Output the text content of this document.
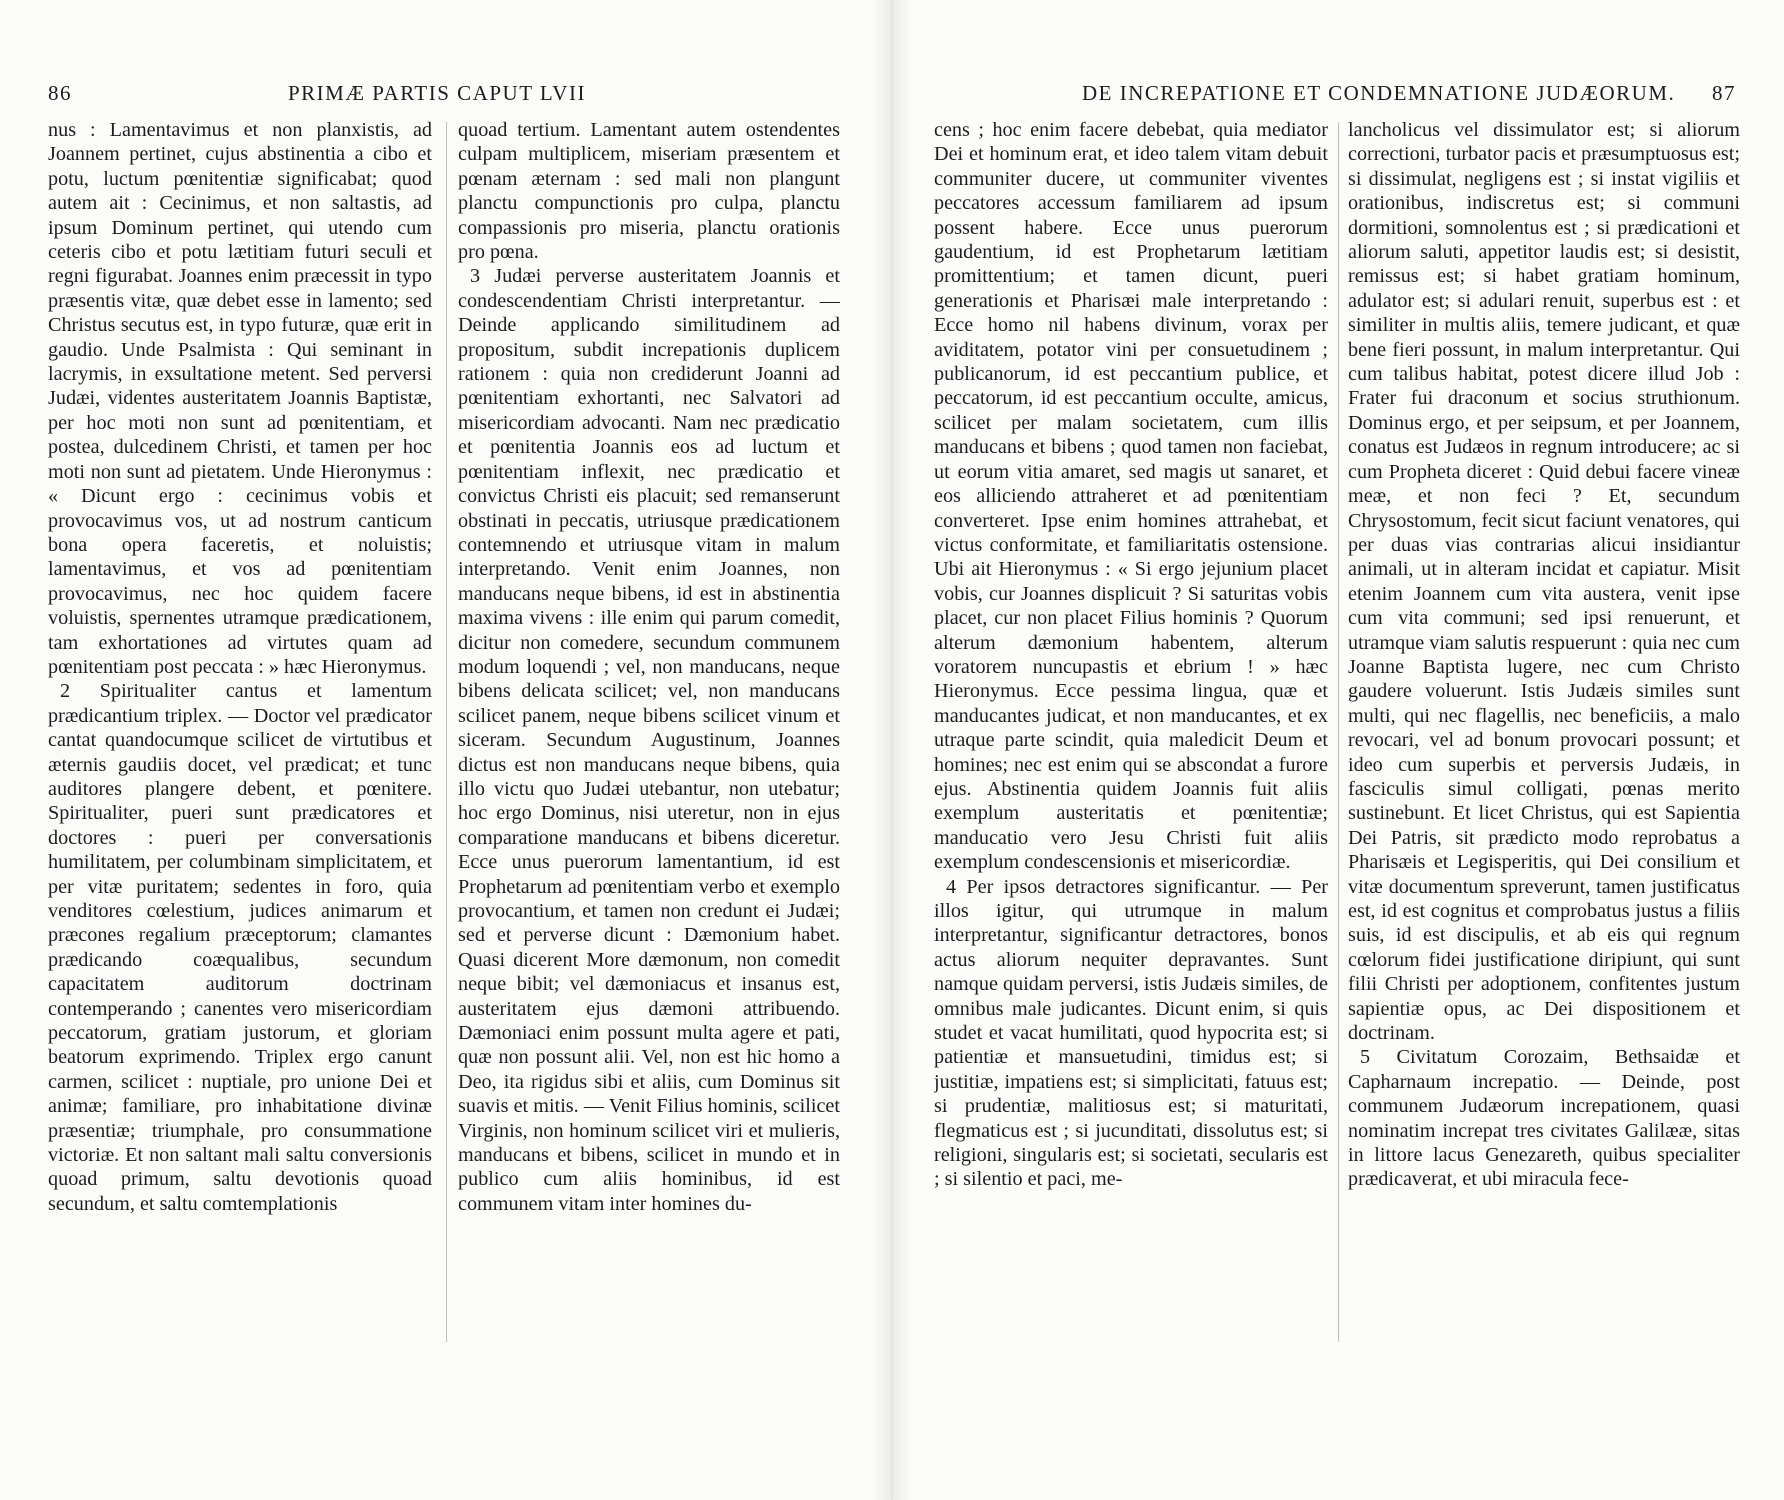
86	PRIMÆ PARTIS CAPUT LVII

nus : Lamentavimus et non planxistis, ad Joannem pertinet, cujus abstinentia a cibo et potu, luctum pœnitentiæ significabat; quod autem ait : Cecinimus, et non saltastis, ad ipsum Dominum pertinet, qui utendo cum ceteris cibo et potu lætitiam futuri seculi et regni figurabat. Joannes enim præcessit in typo præsentis vitæ, quæ debet esse in lamento; sed Christus secutus est, in typo futuræ, quæ erit in gaudio. Unde Psalmista : Qui seminant in lacrymis, in exsultatione metent. Sed perversi Judæi, videntes austeritatem Joannis Baptistæ, per hoc moti non sunt ad pœnitentiam, et postea, dulcedinem Christi, et tamen per hoc moti non sunt ad pietatem. Unde Hieronymus : « Dicunt ergo : cecinimus vobis et provocavimus vos, ut ad nostrum canticum bona opera faceretis, et noluistis; lamentavimus, et vos ad pœnitentiam provocavimus, nec hoc quidem facere voluistis, spernentes utramque prædicationem, tam exhortationes ad virtutes quam ad pœnitentiam post peccata : » hæc Hieronymus.

2 Spiritualiter cantus et lamentum prædicantium triplex. — Doctor vel prædicator cantat quandocumque scilicet de virtutibus et æternis gaudiis docet, vel prædicat; et tunc auditores plangere debent, et pœnitere. Spiritualiter, pueri sunt prædicatores et doctores : pueri per conversationis humilitatem, per columbinam simplicitatem, et per vitæ puritatem; sedentes in foro, quia venditores cœlestium, judices animarum et præcones regalium præceptorum; clamantes prædicando coæqualibus, secundum capacitatem auditorum doctrinam contemperando ; canentes vero misericordiam peccatorum, gratiam justorum, et gloriam beatorum exprimendo. Triplex ergo canunt carmen, scilicet : nuptiale, pro unione Dei et animæ; familiare, pro inhabitatione divinæ præsentiæ; triumphale, pro consummatione victoriæ. Et non saltant mali saltu conversionis quoad primum, saltu devotionis quoad secundum, et saltu comtemplationis

quoad tertium. Lamentant autem ostendentes culpam multiplicem, miseriam præsentem et pœnam æternam : sed mali non plangunt planctu compunctionis pro culpa, planctu compassionis pro miseria, planctu orationis pro pœna.

3 Judæi perverse austeritatem Joannis et condescendentiam Christi interpretantur. — Deinde applicando similitudinem ad propositum, subdit increpationis duplicem rationem : quia non crediderunt Joanni ad pœnitentiam exhortanti, nec Salvatori ad misericordiam advocanti. Nam nec prædicatio et pœnitentia Joannis eos ad luctum et pœnitentiam inflexit, nec prædicatio et convictus Christi eis placuit; sed remanserunt obstinati in peccatis, utriusque prædicationem contemnendo et utriusque vitam in malum interpretando. Venit enim Joannes, non manducans neque bibens, id est in abstinentia maxima vivens : ille enim qui parum comedit, dicitur non comedere, secundum communem modum loquendi ; vel, non manducans, neque bibens delicata scilicet; vel, non manducans scilicet panem, neque bibens scilicet vinum et siceram. Secundum Augustinum, Joannes dictus est non manducans neque bibens, quia illo victu quo Judæi utebantur, non utebatur; hoc ergo Dominus, nisi uteretur, non in ejus comparatione manducans et bibens diceretur. Ecce unus puerorum lamentantium, id est Prophetarum ad pœnitentiam verbo et exemplo provocantium, et tamen non credunt ei Judæi; sed et perverse dicunt : Dæmonium habet. Quasi dicerent More dæmonum, non comedit neque bibit; vel dæmoniacus et insanus est, austeritatem ejus dæmoni attribuendo. Dæmoniaci enim possunt multa agere et pati, quæ non possunt alii. Vel, non est hic homo a Deo, ita rigidus sibi et aliis, cum Dominus sit suavis et mitis. — Venit Filius hominis, scilicet Virginis, non hominum scilicet viri et mulieris, manducans et bibens, scilicet in mundo et in publico cum aliis hominibus, id est communem vitam inter homines du-

DE INCREPATIONE ET CONDEMNATIONE JUDÆORUM. 87

cens ; hoc enim facere debebat, quia mediator Dei et hominum erat, et ideo talem vitam debuit communiter ducere, ut communiter viventes peccatores accessum familiarem ad ipsum possent habere. Ecce unus puerorum gaudentium, id est Prophetarum lætitiam promittentium; et tamen dicunt, pueri generationis et Pharisæi male interpretando : Ecce homo nil habens divinum, vorax per aviditatem, potator vini per consuetudinem ; publicanorum, id est peccantium publice, et peccatorum, id est peccantium occulte, amicus, scilicet per malam societatem, cum illis manducans et bibens ; quod tamen non faciebat, ut eorum vitia amaret, sed magis ut sanaret, et eos alliciendo attraheret et ad pœnitentiam converteret. Ipse enim homines attrahebat, et victus conformitate, et familiaritatis ostensione. Ubi ait Hieronymus : « Si ergo jejunium placet vobis, cur Joannes displicuit ? Si saturitas vobis placet, cur non placet Filius hominis ? Quorum alterum dæmonium habentem, alterum voratorem nuncupastis et ebrium ! » hæc Hieronymus. Ecce pessima lingua, quæ et manducantes judicat, et non manducantes, et ex utraque parte scindit, quia maledicit Deum et homines; nec est enim qui se abscondat a furore ejus. Abstinentia quidem Joannis fuit aliis exemplum austeritatis et pœnitentiæ; manducatio vero Jesu Christi fuit aliis exemplum condescensionis et misericordiæ.

4 Per ipsos detractores significantur. — Per illos igitur, qui utrumque in malum interpretantur, significantur detractores, bonos actus aliorum nequiter depravantes. Sunt namque quidam perversi, istis Judæis similes, de omnibus male judicantes. Dicunt enim, si quis studet et vacat humilitati, quod hypocrita est; si patientiæ et mansuetudini, timidus est; si justitiæ, impatiens est; si simplicitati, fatuus est; si prudentiæ, malitiosus est; si maturitati, flegmaticus est ; si jucunditati, dissolutus est; si religioni, singularis est; si societati, secularis est ; si silentio et paci, me-

lancholicus vel dissimulator est; si aliorum correctioni, turbator pacis et præsumptuosus est; si dissimulat, negligens est ; si instat vigiliis et orationibus, indiscretus est; si communi dormitioni, somnolentus est ; si prædicationi et aliorum saluti, appetitor laudis est; si desistit, remissus est; si habet gratiam hominum, adulator est; si adulari renuit, superbus est : et similiter in multis aliis, temere judicant, et quæ bene fieri possunt, in malum interpretantur. Qui cum talibus habitat, potest dicere illud Job : Frater fui draconum et socius struthionum. Dominus ergo, et per seipsum, et per Joannem, conatus est Judæos in regnum introducere; ac si cum Propheta diceret : Quid debui facere vineæ meæ, et non feci ? Et, secundum Chrysostomum, fecit sicut faciunt venatores, qui per duas vias contrarias alicui insidiantur animali, ut in alteram incidat et capiatur. Misit etenim Joannem cum vita austera, venit ipse cum vita communi; sed ipsi renuerunt, et utramque viam salutis respuerunt : quia nec cum Joanne Baptista lugere, nec cum Christo gaudere voluerunt. Istis Judæis similes sunt multi, qui nec flagellis, nec beneficiis, a malo revocari, vel ad bonum provocari possunt; et ideo cum superbis et perversis Judæis, in fasciculis simul colligati, pœnas merito sustinebunt. Et licet Christus, qui est Sapientia Dei Patris, sit prædicto modo reprobatus a Pharisæis et Legisperitis, qui Dei consilium et vitæ documentum spreverunt, tamen justificatus est, id est cognitus et comprobatus justus a filiis suis, id est discipulis, et ab eis qui regnum cœlorum fidei justificatione diripiunt, qui sunt filii Christi per adoptionem, confitentes justum sapientiæ opus, ac Dei dispositionem et doctrinam.

5 Civitatum Corozaim, Bethsaidæ et Capharnaum increpatio. — Deinde, post communem Judæorum increpationem, quasi nominatim increpat tres civitates Galilææ, sitas in littore lacus Genezareth, quibus specialiter prædicaverat, et ubi miracula fece-
